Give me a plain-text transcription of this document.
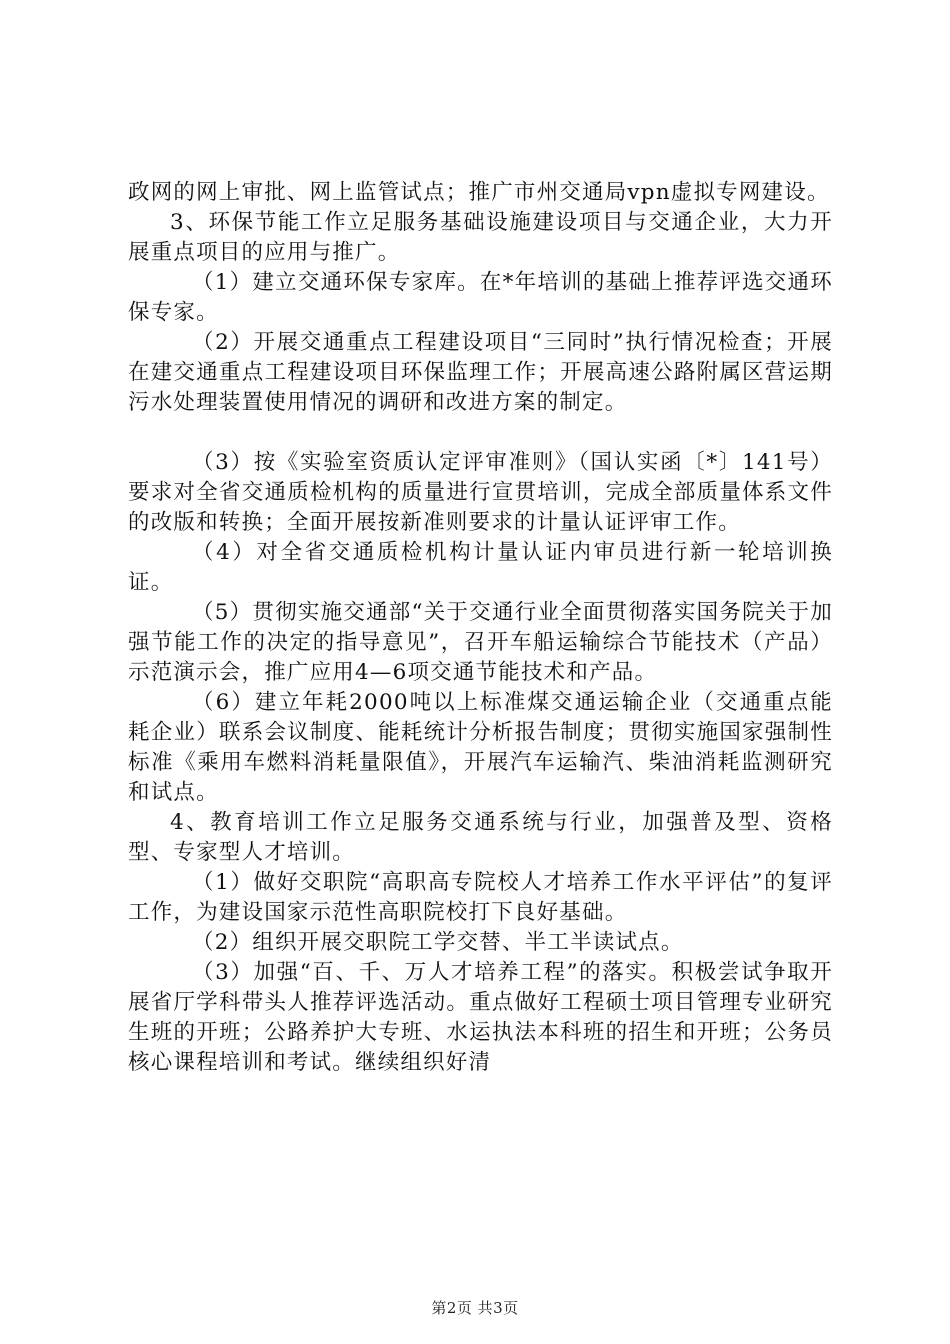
政网的网上审批、网上监管试点；推广市州交通局vpn虚拟专网建设。

3、环保节能工作立足服务基础设施建设项目与交通企业，大力开展重点项目的应用与推广。

（1）建立交通环保专家库。在*年培训的基础上推荐评选交通环保专家。

（2）开展交通重点工程建设项目“三同时”执行情况检查；开展在建交通重点工程建设项目环保监理工作；开展高速公路附属区营运期污水处理装置使用情况的调研和改进方案的制定。

（3）按《实验室资质认定评审准则》（国认实函〔*〕141号）要求对全省交通质检机构的质量进行宣贯培训，完成全部质量体系文件的改版和转换；全面开展按新准则要求的计量认证评审工作。

（4）对全省交通质检机构计量认证内审员进行新一轮培训换证。

（5）贯彻实施交通部“关于交通行业全面贯彻落实国务院关于加强节能工作的决定的指导意见”，召开车船运输综合节能技术（产品）示范演示会，推广应用4—6项交通节能技术和产品。

（6）建立年耗2000吨以上标准煤交通运输企业（交通重点能耗企业）联系会议制度、能耗统计分析报告制度；贯彻实施国家强制性标准《乘用车燃料消耗量限值》，开展汽车运输汽、柴油消耗监测研究和试点。

4、教育培训工作立足服务交通系统与行业，加强普及型、资格型、专家型人才培训。

（1）做好交职院“高职高专院校人才培养工作水平评估”的复评工作，为建设国家示范性高职院校打下良好基础。

（2）组织开展交职院工学交替、半工半读试点。

（3）加强“百、千、万人才培养工程”的落实。积极尝试争取开展省厅学科带头人推荐评选活动。重点做好工程硕士项目管理专业研究生班的开班；公路养护大专班、水运执法本科班的招生和开班；公务员核心课程培训和考试。继续组织好清

第2页 共3页
